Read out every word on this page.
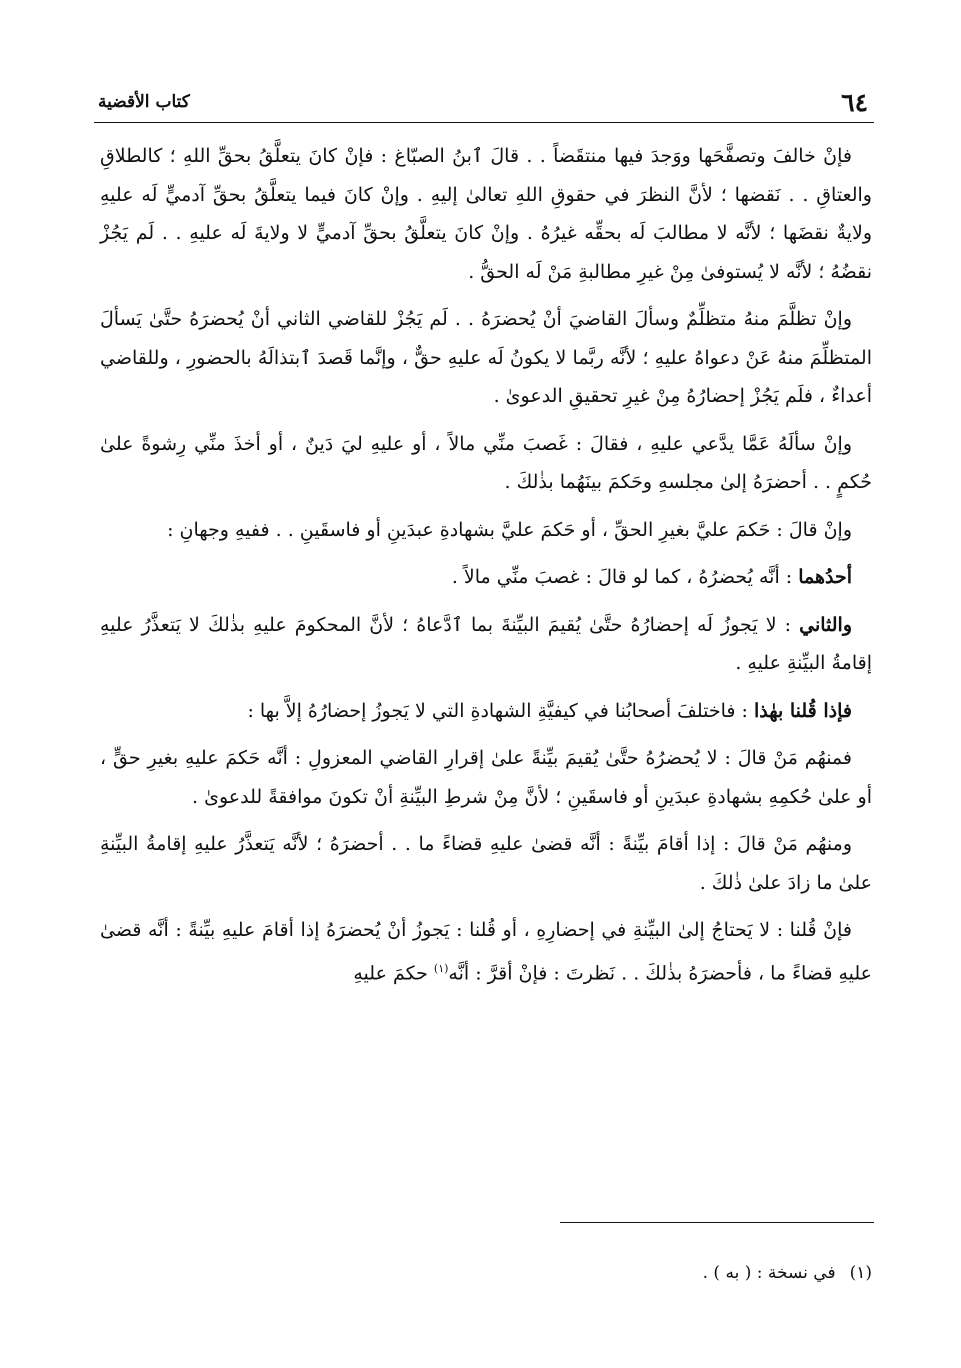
٦٤
كتاب الأقضية

فإنْ خالفَ وتصفَّحَها ووَجدَ فيها منتقَضاً . . قالَ ٱبنُ الصبّاغ : فإنْ كانَ يتعلَّقُ بحقِّ اللهِ ؛ كالطلاقِ والعتاقِ . . نَقضها ؛ لأنَّ النظرَ في حقوقِ اللهِ تعالىٰ إليهِ . وإنْ كانَ فيما يتعلَّقُ بحقِّ آدميٍّ لَه عليهِ ولايةٌ نقضَها ؛ لأنَّه لا مطالبَ لَه بحقِّه غيرُهُ . وإنْ كانَ يتعلَّقُ بحقِّ آدميٍّ لا ولايةَ لَه عليهِ . . لَم يَجُزْ نقضُهُ ؛ لأنَّه لا يُستوفىٰ مِنْ غيرِ مطالبةِ مَنْ لَه الحقُّ .

وإنْ تظلَّمَ منهُ متظلِّمٌ وسألَ القاضيَ أنْ يُحضرَهُ . . لَم يَجُزْ للقاضي الثاني أنْ يُحضرَهُ حتَّىٰ يَسألَ المتظلِّمَ منهُ عَنْ دعواهُ عليهِ ؛ لأنَّه ربَّما لا يكونُ لَه عليهِ حقٌّ ، وإنَّما قَصدَ ٱبتذالَهُ بالحضورِ ، وللقاضي أعداءٌ ، فلَم يَجُزْ إحضارُهُ مِنْ غيرِ تحقيقِ الدعوىٰ .

وإنْ سألَهُ عَمَّا يدَّعي عليهِ ، فقالَ : غَصبَ منِّي مالاً ، أو عليهِ ليَ دَينٌ ، أو أخذَ منِّي رِشوةً علىٰ حُكمٍ . . أحضرَهُ إلىٰ مجلسهِ وحَكمَ بينَهُما بذٰلكَ .

وإنْ قالَ : حَكمَ عليَّ بغيرِ الحقِّ ، أو حَكمَ عليَّ بشهادةِ عبدَينِ أو فاسقَينِ . . ففيهِ وجهانِ :

أحدُهما : أنَّه يُحضرُهُ ، كما لو قالَ : غصبَ منِّي مالاً .

والثاني : لا يَجوزُ لَه إحضارُهُ حتَّىٰ يُقيمَ البيِّنةَ بما ٱدَّعاهُ ؛ لأنَّ المحكومَ عليهِ بذٰلكَ لا يَتعذَّرُ عليهِ إقامةُ البيِّنةِ عليهِ .

فإذا قُلنا بهٰذا : فاختلفَ أصحابُنا في كيفيَّةِ الشهادةِ التي لا يَجوزُ إحضارُهُ إلاَّ بها :

فمنهُم مَنْ قالَ : لا يُحضرُهُ حتَّىٰ يُقيمَ بيِّنةً علىٰ إقرارِ القاضي المعزولِ : أنَّه حَكمَ عليهِ بغيرِ حقٍّ ، أو علىٰ حُكمِهِ بشهادةِ عبدَينِ أو فاسقَينِ ؛ لأنَّ مِنْ شرطِ البيِّنةِ أنْ تكونَ موافقةً للدعوىٰ .

ومنهُم مَنْ قالَ : إذا أقامَ بيِّنةً : أنَّه قضىٰ عليهِ قضاءً ما . . أحضرَهُ ؛ لأنَّه يَتعذَّرُ عليهِ إقامةُ البيِّنةِ علىٰ ما زادَ علىٰ ذٰلكَ .

فإنْ قُلنا : لا يَحتاجُ إلىٰ البيِّنةِ في إحضارِهِ ، أو قُلنا : يَجوزُ أنْ يُحضرَهُ إذا أقامَ عليهِ بيِّنةً : أنَّه قضىٰ عليهِ قضاءً ما ، فأحضرَهُ بذٰلكَ . . نَظرتَ : فإنْ أقرَّ : أنَّه$^{(١)}$ حكمَ عليهِ

(١)في نسخة : ( به ) .
